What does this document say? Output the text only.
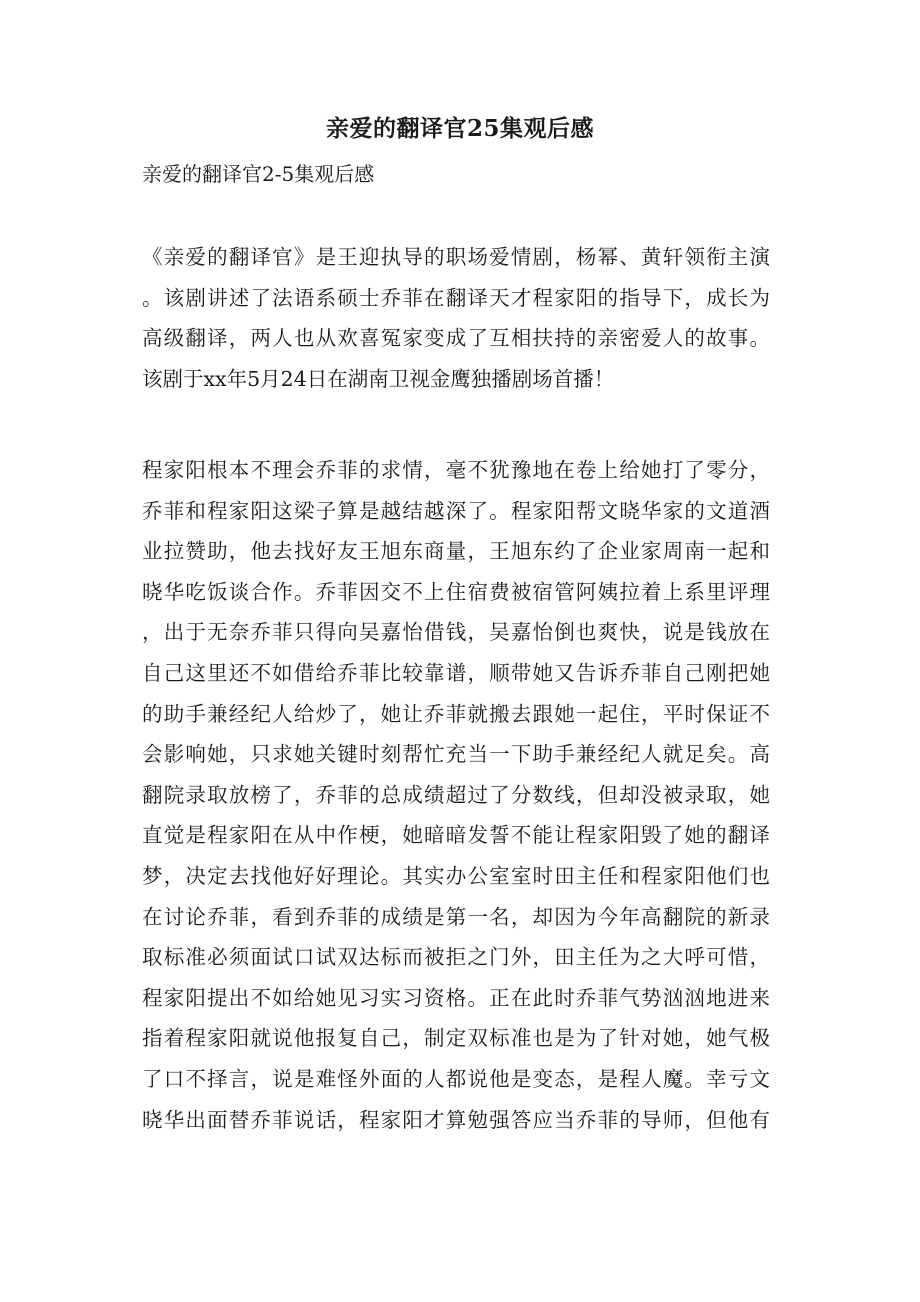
亲爱的翻译官25集观后感
亲爱的翻译官2-5集观后感
《亲爱的翻译官》是王迎执导的职场爱情剧，杨幂、黄轩领衔主演
。该剧讲述了法语系硕士乔菲在翻译天才程家阳的指导下，成长为
高级翻译，两人也从欢喜冤家变成了互相扶持的亲密爱人的故事。
该剧于xx年5月24日在湖南卫视金鹰独播剧场首播！
程家阳根本不理会乔菲的求情，毫不犹豫地在卷上给她打了零分，
乔菲和程家阳这梁子算是越结越深了。程家阳帮文晓华家的文道酒
业拉赞助，他去找好友王旭东商量，王旭东约了企业家周南一起和
晓华吃饭谈合作。乔菲因交不上住宿费被宿管阿姨拉着上系里评理
，出于无奈乔菲只得向吴嘉怡借钱，吴嘉怡倒也爽快，说是钱放在
自己这里还不如借给乔菲比较靠谱，顺带她又告诉乔菲自己刚把她
的助手兼经纪人给炒了，她让乔菲就搬去跟她一起住，平时保证不
会影响她，只求她关键时刻帮忙充当一下助手兼经纪人就足矣。高
翻院录取放榜了，乔菲的总成绩超过了分数线，但却没被录取，她
直觉是程家阳在从中作梗，她暗暗发誓不能让程家阳毁了她的翻译
梦，决定去找他好好理论。其实办公室室时田主任和程家阳他们也
在讨论乔菲，看到乔菲的成绩是第一名，却因为今年高翻院的新录
取标准必须面试口试双达标而被拒之门外，田主任为之大呼可惜，
程家阳提出不如给她见习实习资格。正在此时乔菲气势汹汹地进来
指着程家阳就说他报复自己，制定双标准也是为了针对她，她气极
了口不择言，说是难怪外面的人都说他是变态，是程人魔。幸亏文
晓华出面替乔菲说话，程家阳才算勉强答应当乔菲的导师，但他有
